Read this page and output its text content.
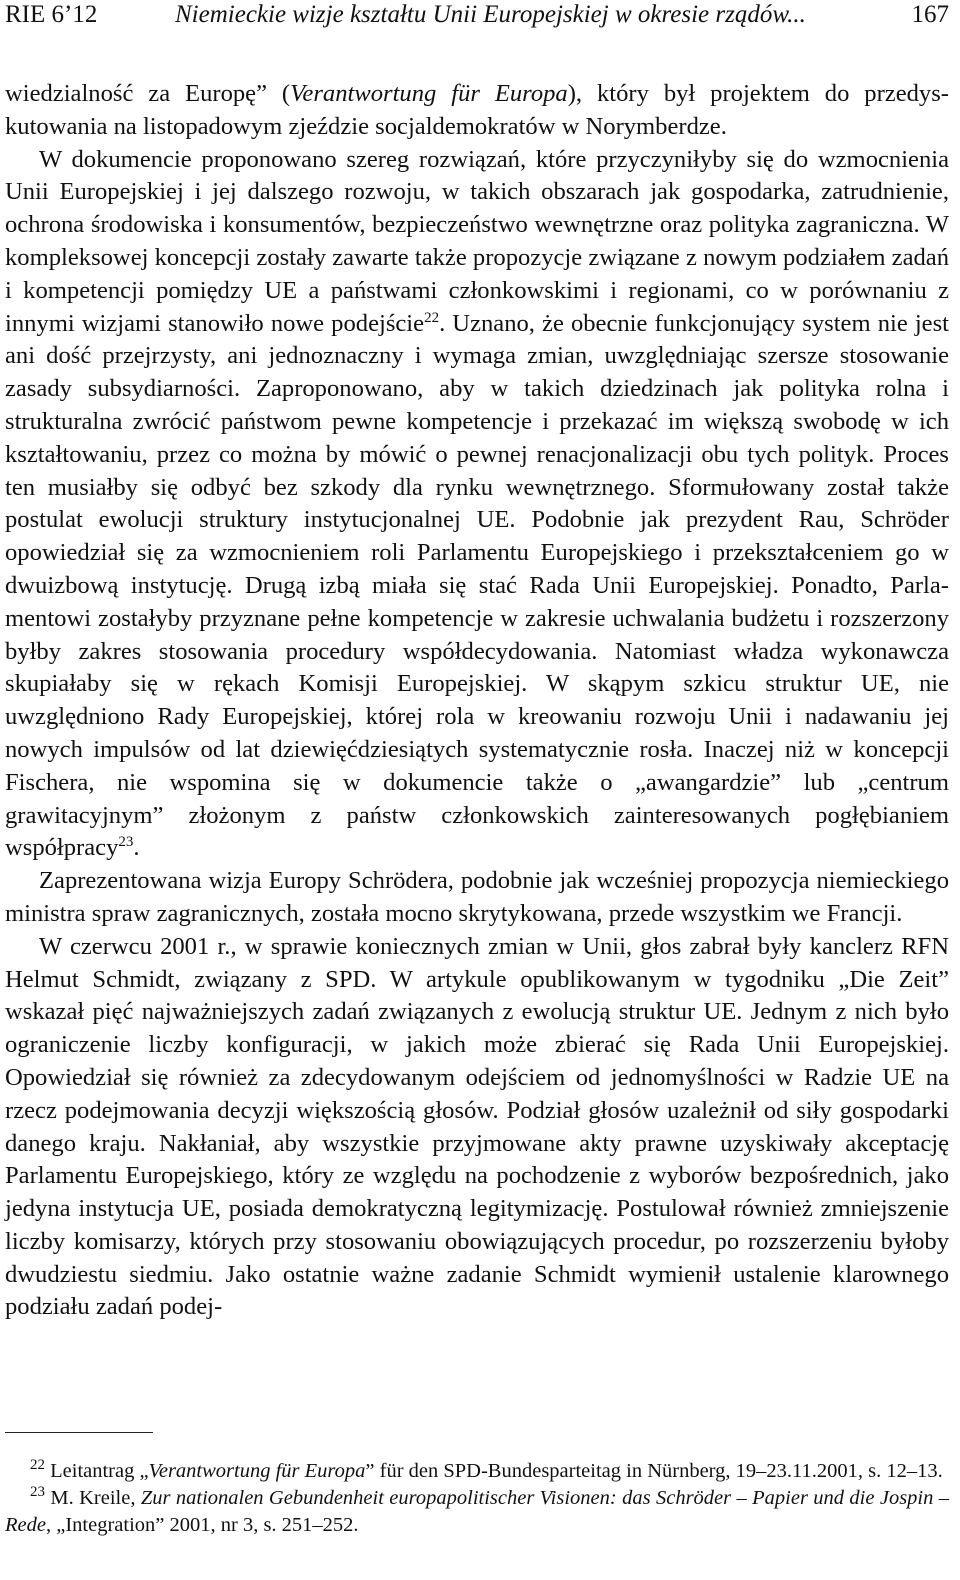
RIE 6’12	Niemieckie wizje kształtu Unii Europejskiej w okresie rządów...	167

wiedzialność za Europę” (Verantwortung für Europa), który był projektem do przedyskutowania na listopadowym zjeździe socjaldemokratów w Norymberdze.

W dokumencie proponowano szereg rozwiązań, które przyczyniłyby się do wzmocnienia Unii Europejskiej i jej dalszego rozwoju, w takich obszarach jak gospodarka, zatrudnienie, ochrona środowiska i konsumentów, bezpieczeństwo wewnętrzne oraz polityka zagraniczna. W kompleksowej koncepcji zostały zawarte także propozycje związane z nowym podziałem zadań i kompetencji pomiędzy UE a państwami członkowskimi i regionami, co w porównaniu z innymi wizjami stanowiło nowe podejście$^{22}$. Uznano, że obecnie funkcjonujący system nie jest ani dość przejrzysty, ani jednoznaczny i wymaga zmian, uwzględniając szersze stosowanie zasady subsydiarności. Zaproponowano, aby w takich dziedzinach jak polityka rolna i strukturalna zwrócić państwom pewne kompetencje i przekazać im większą swobodę w ich kształtowaniu, przez co można by mówić o pewnej renacjonalizacji obu tych polityk. Proces ten musiałby się odbyć bez szkody dla rynku wewnętrznego. Sformułowany został także postulat ewolucji struktury instytucjonalnej UE. Podobnie jak prezydent Rau, Schröder opowiedział się za wzmocnieniem roli Parlamentu Europejskiego i przekształceniem go w dwuizbową instytucję. Drugą izbą miała się stać Rada Unii Europejskiej. Ponadto, Parlamentowi zostałyby przyznane pełne kompetencje w zakresie uchwalania budżetu i rozszerzony byłby zakres stosowania procedury współdecydowania. Natomiast władza wykonawcza skupiałaby się w rękach Komisji Europejskiej. W skąpym szkicu struktur UE, nie uwzględniono Rady Europejskiej, której rola w kreowaniu rozwoju Unii i nadawaniu jej nowych impulsów od lat dziewięćdziesiątych systematycznie rosła. Inaczej niż w koncepcji Fischera, nie wspomina się w dokumencie także o „awangardzie” lub „centrum grawitacyjnym” złożonym z państw członkowskich zainteresowanych pogłębianiem współpracy$^{23}$.

Zaprezentowana wizja Europy Schrödera, podobnie jak wcześniej propozycja niemieckiego ministra spraw zagranicznych, została mocno skrytykowana, przede wszystkim we Francji.

W czerwcu 2001 r., w sprawie koniecznych zmian w Unii, głos zabrał były kanclerz RFN Helmut Schmidt, związany z SPD. W artykule opublikowanym w tygodniku „Die Zeit” wskazał pięć najważniejszych zadań związanych z ewolucją struktur UE. Jednym z nich było ograniczenie liczby konfiguracji, w jakich może zbierać się Rada Unii Europejskiej. Opowiedział się również za zdecydowanym odejściem od jednomyślności w Radzie UE na rzecz podejmowania decyzji większością głosów. Podział głosów uzależnił od siły gospodarki danego kraju. Nakłaniał, aby wszystkie przyjmowane akty prawne uzyskiwały akceptację Parlamentu Europejskiego, który ze względu na pochodzenie z wyborów bezpośrednich, jako jedyna instytucja UE, posiada demokratyczną legitymizację. Postulował również zmniejszenie liczby komisarzy, których przy stosowaniu obowiązujących procedur, po rozszerzeniu byłoby dwudziestu siedmiu. Jako ostatnie ważne zadanie Schmidt wymienił ustalenie klarownego podziału zadań podej-

$^{22}$ Leitantrag „Verantwortung für Europa” für den SPD-Bundesparteitag in Nürnberg, 19–23.11.2001, s. 12–13.

$^{23}$ M. Kreile, Zur nationalen Gebundenheit europapolitischer Visionen: das Schröder – Papier und die Jospin – Rede, „Integration” 2001, nr 3, s. 251–252.
